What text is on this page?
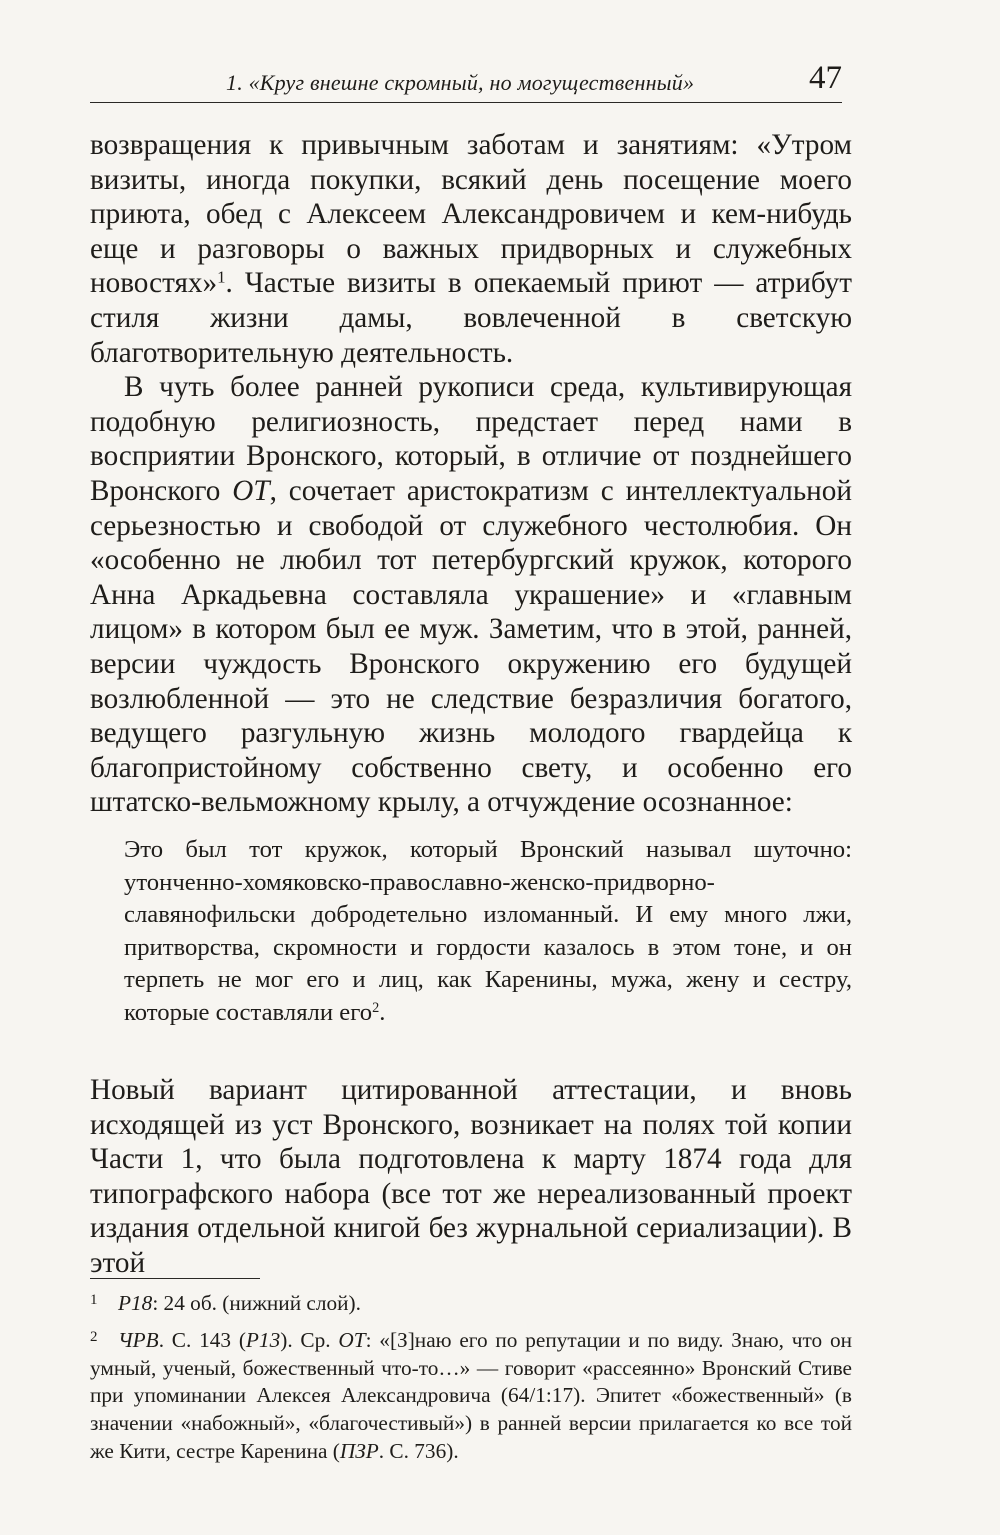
1. «Круг внешне скромный, но могущественный»	47

возвращения к привычным заботам и занятиям: «Утром визиты, иногда покупки, всякий день посещение моего приюта, обед с Алексеем Александровичем и кем-нибудь еще и разговоры о важных придворных и служебных новостях»$^1$. Частые визиты в опекаемый приют — атрибут стиля жизни дамы, вовлеченной в светскую благотворительную деятельность.

В чуть более ранней рукописи среда, культивирующая подобную религиозность, предстает перед нами в восприятии Вронского, который, в отличие от позднейшего Вронского ОТ, сочетает аристократизм с интеллектуальной серьезностью и свободой от служебного честолюбия. Он «особенно не любил тот петербургский кружок, которого Анна Аркадьевна составляла украшение» и «главным лицом» в котором был ее муж. Заметим, что в этой, ранней, версии чуждость Вронского окружению его будущей возлюбленной — это не следствие безразличия богатого, ведущего разгульную жизнь молодого гвардейца к благопристойному собственно свету, и особенно его штатско-вельможному крылу, а отчуждение осознанное:

Это был тот кружок, который Вронский называл шуточно: утонченно-хомяковско-православно-женско-придворно-славянофильски добродетельно изломанный. И ему много лжи, притворства, скромности и гордости казалось в этом тоне, и он терпеть не мог его и лиц, как Каренины, мужа, жену и сестру, которые составляли его$^2$.

Новый вариант цитированной аттестации, и вновь исходящей из уст Вронского, возникает на полях той копии Части 1, что была подготовлена к марту 1874 года для типографского набора (все тот же нереализованный проект издания отдельной книгой без журнальной сериализации). В этой

1 Р18: 24 об. (нижний слой).

2 ЧРВ. С. 143 (Р13). Ср. ОТ: «[З]наю его по репутации и по виду. Знаю, что он умный, ученый, божественный что-то…» — говорит «рассеянно» Вронский Стиве при упоминании Алексея Александровича (64/1:17). Эпитет «божественный» (в значении «набожный», «благочестивый») в ранней версии прилагается ко все той же Кити, сестре Каренина (ПЗР. С. 736).
